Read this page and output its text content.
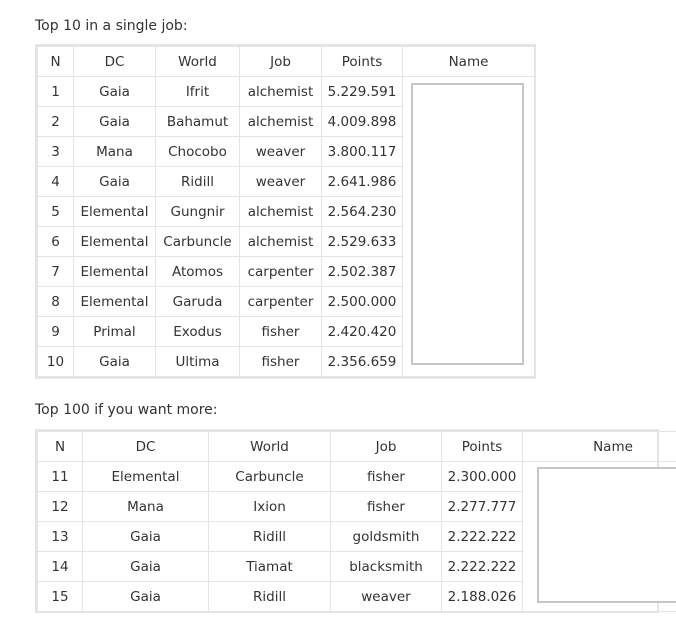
Top 10 in a single job:
N	DC	World	Job	Points	Name
1	Gaia	Ifrit	alchemist	5.229.591	

2	Gaia	Bahamut	alchemist	4.009.898	
3	Mana	Chocobo	weaver	3.800.117	
4	Gaia	Ridill	weaver	2.641.986	
5	Elemental	Gungnir	alchemist	2.564.230	
6	Elemental	Carbuncle	alchemist	2.529.633	
7	Elemental	Atomos	carpenter	2.502.387	
8	Elemental	Garuda	carpenter	2.500.000	
9	Primal	Exodus	fisher	2.420.420	
10	Gaia	Ultima	fisher	2.356.659	
Top 100 if you want more:
N	DC	World	Job	Points	Name
11	Elemental	Carbuncle	fisher	2.300.000	

12	Mana	Ixion	fisher	2.277.777	
13	Gaia	Ridill	goldsmith	2.222.222	
14	Gaia	Tiamat	blacksmith	2.222.222	
15	Gaia	Ridill	weaver	2.188.026	
